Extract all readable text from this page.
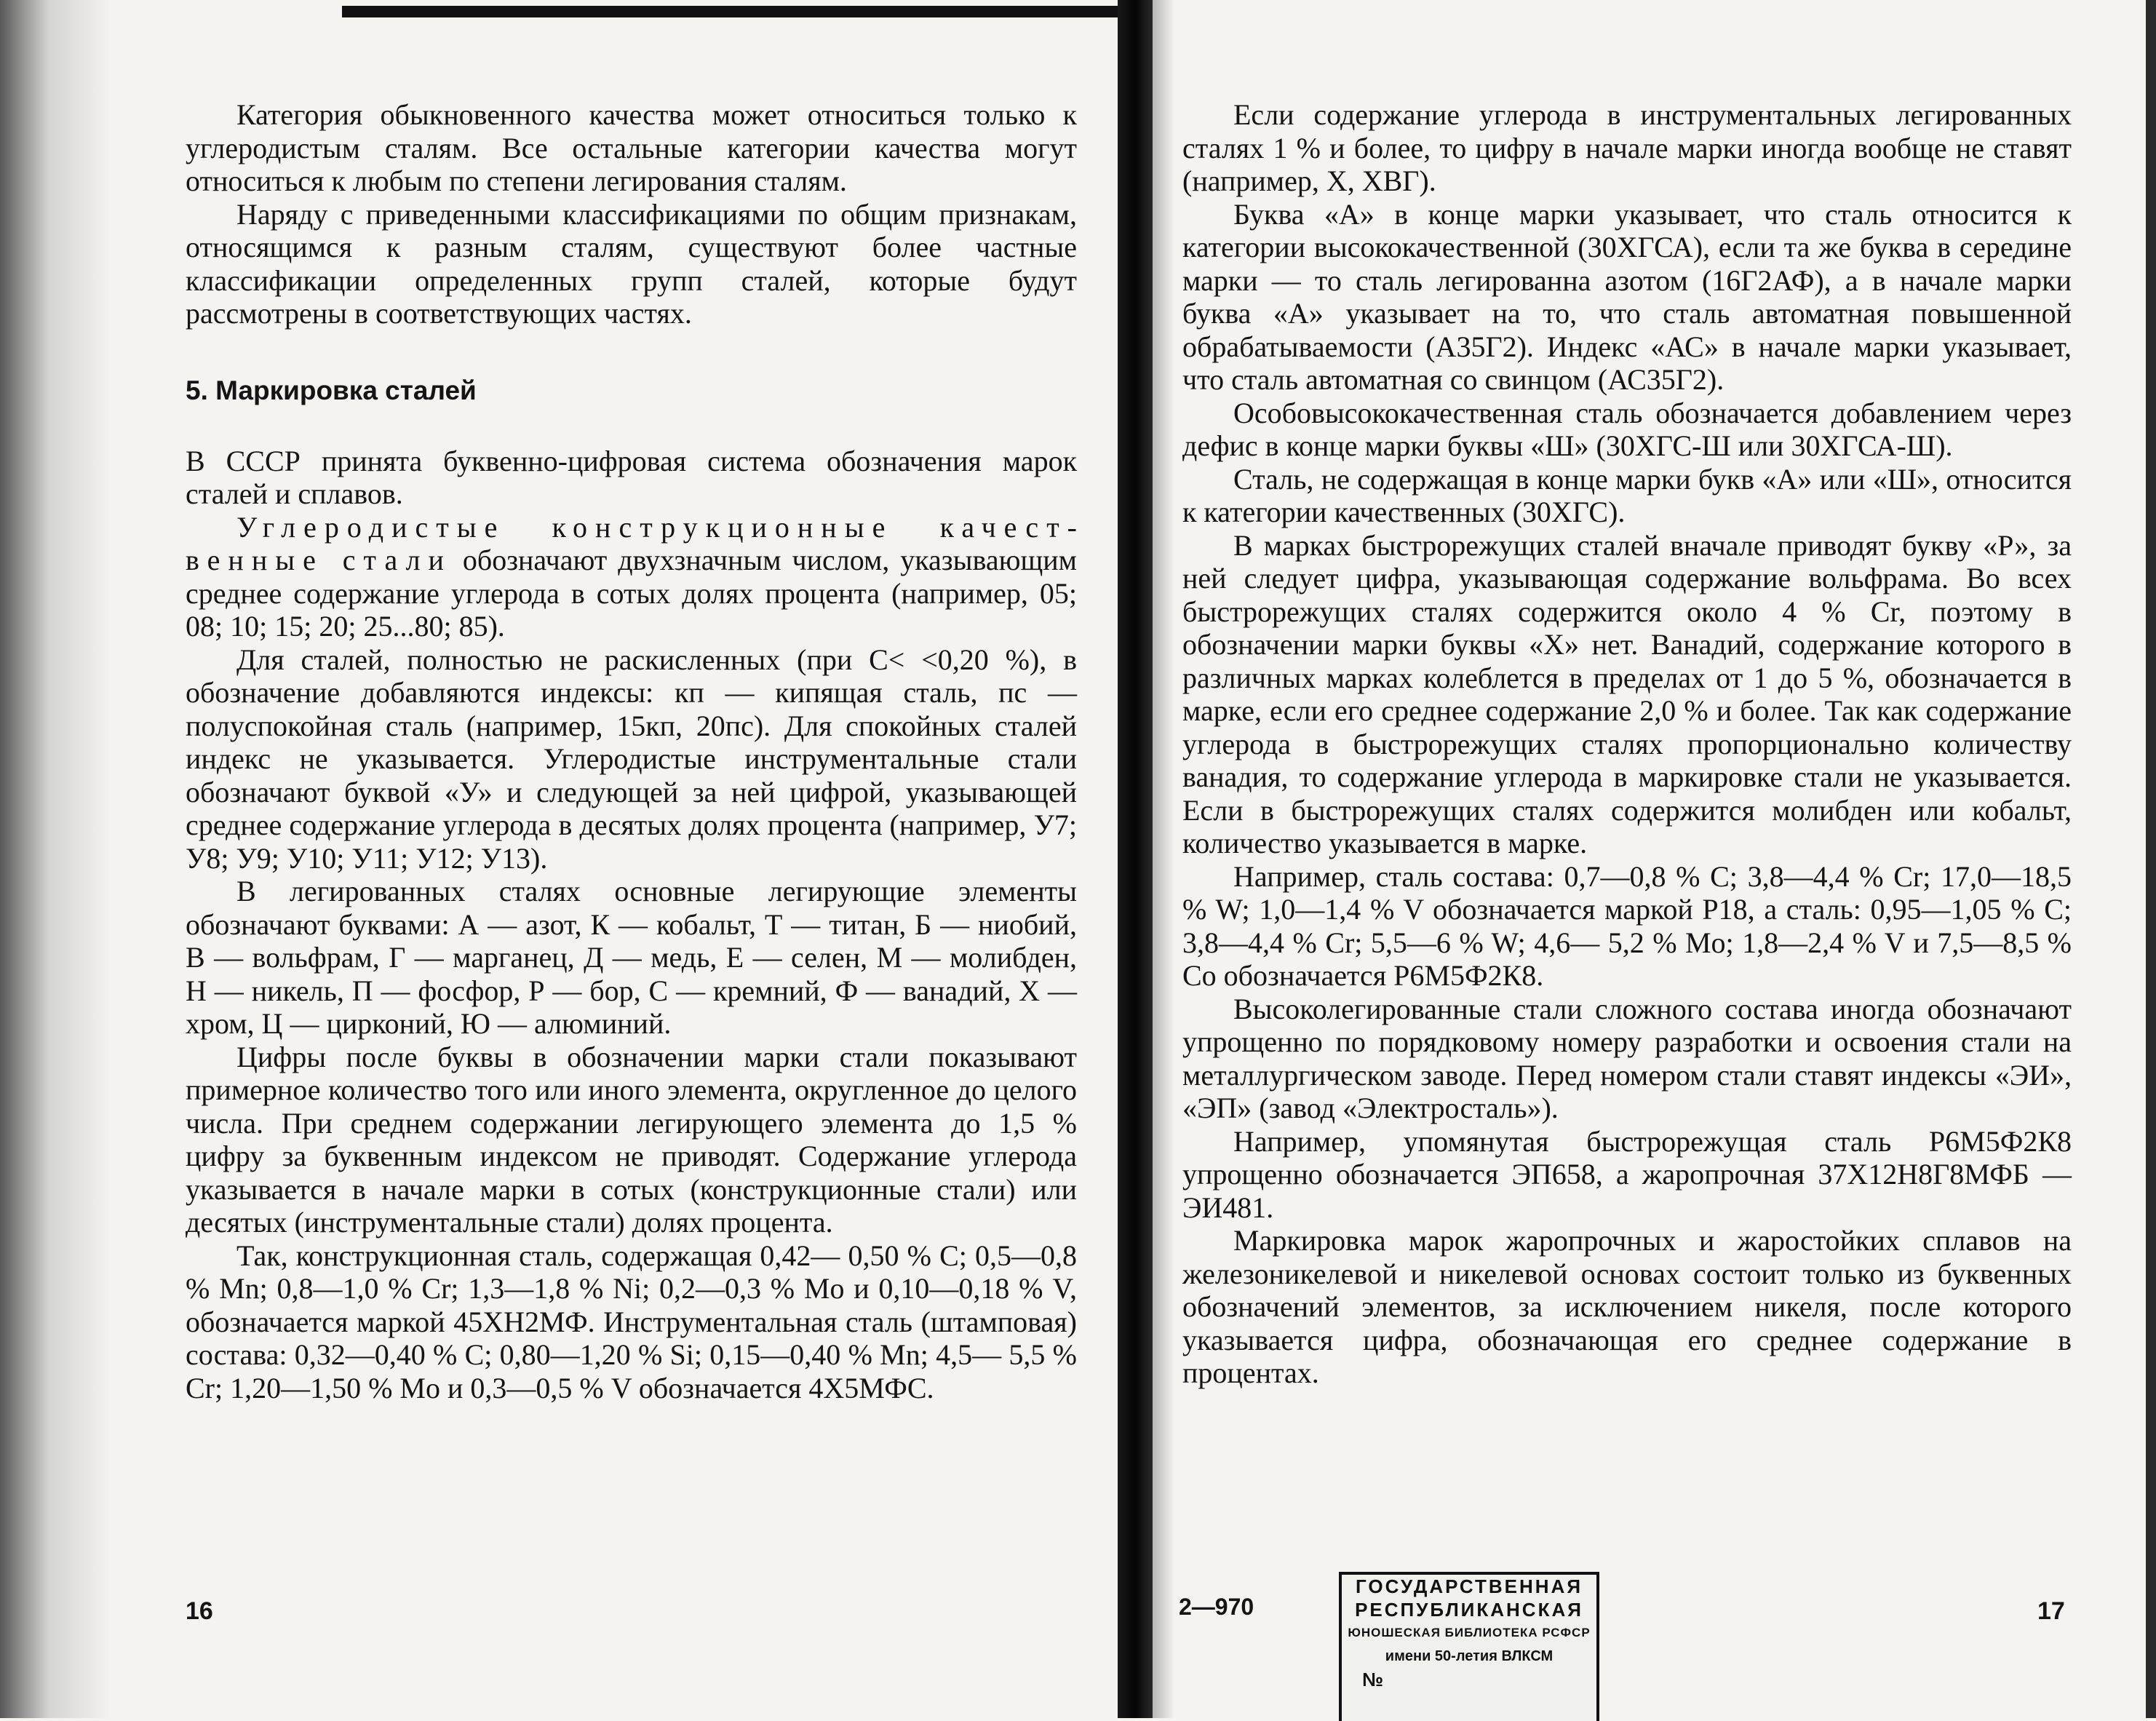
Категория обыкновенного качества может относиться только к углеродистым сталям. Все остальные категории качества могут относиться к любым по степени легирования сталям.

Наряду с приведенными классификациями по общим признакам, относящимся к разным сталям, существуют более частные классификации определенных групп сталей, которые будут рассмотрены в соответствующих частях.

5. Маркировка сталей

В СССР принята буквенно-цифровая система обозначения марок сталей и сплавов.

Углеродистые конструкционные качественные стали обозначают двухзначным числом, указывающим среднее содержание углерода в сотых долях процента (например, 05; 08; 10; 15; 20; 25...80; 85).

Для сталей, полностью не раскисленных (при C< <0,20 %), в обозначение добавляются индексы: кп — кипящая сталь, пс — полуспокойная сталь (например, 15кп, 20пс). Для спокойных сталей индекс не указывается. Углеродистые инструментальные стали обозначают буквой «У» и следующей за ней цифрой, указывающей среднее содержание углерода в десятых долях процента (например, У7; У8; У9; У10; У11; У12; У13).

В легированных сталях основные легирующие элементы обозначают буквами: А — азот, К — кобальт, Т — титан, Б — ниобий, В — вольфрам, Г — марганец, Д — медь, Е — селен, М — молибден, Н — никель, П — фосфор, Р — бор, С — кремний, Ф — ванадий, Х — хром, Ц — цирконий, Ю — алюминий.

Цифры после буквы в обозначении марки стали показывают примерное количество того или иного элемента, округленное до целого числа. При среднем содержании легирующего элемента до 1,5 % цифру за буквенным индексом не приводят. Содержание углерода указывается в начале марки в сотых (конструкционные стали) или десятых (инструментальные стали) долях процента.

Так, конструкционная сталь, содержащая 0,42— 0,50 % C; 0,5—0,8 % Mn; 0,8—1,0 % Cr; 1,3—1,8 % Ni; 0,2—0,3 % Mo и 0,10—0,18 % V, обозначается маркой 45ХН2МФ. Инструментальная сталь (штамповая) состава: 0,32—0,40 % C; 0,80—1,20 % Si; 0,15—0,40 % Mn; 4,5— 5,5 % Cr; 1,20—1,50 % Mo и 0,3—0,5 % V обозначается 4Х5МФС.

16

Если содержание углерода в инструментальных легированных сталях 1 % и более, то цифру в начале марки иногда вообще не ставят (например, Х, ХВГ).

Буква «А» в конце марки указывает, что сталь относится к категории высококачественной (30ХГСА), если та же буква в середине марки — то сталь легированна азотом (16Г2АФ), а в начале марки буква «А» указывает на то, что сталь автоматная повышенной обрабатываемости (А35Г2). Индекс «АС» в начале марки указывает, что сталь автоматная со свинцом (АС35Г2).

Особовысококачественная сталь обозначается добавлением через дефис в конце марки буквы «Ш» (30ХГС-Ш или 30ХГСА-Ш).

Сталь, не содержащая в конце марки букв «А» или «Ш», относится к категории качественных (30ХГС).

В марках быстрорежущих сталей вначале приводят букву «Р», за ней следует цифра, указывающая содержание вольфрама. Во всех быстрорежущих сталях содержится около 4 % Cr, поэтому в обозначении марки буквы «Х» нет. Ванадий, содержание которого в различных марках колеблется в пределах от 1 до 5 %, обозначается в марке, если его среднее содержание 2,0 % и более. Так как содержание углерода в быстрорежущих сталях пропорционально количеству ванадия, то содержание углерода в маркировке стали не указывается. Если в быстрорежущих сталях содержится молибден или кобальт, количество указывается в марке.

Например, сталь состава: 0,7—0,8 % C; 3,8—4,4 % Cr; 17,0—18,5 % W; 1,0—1,4 % V обозначается маркой Р18, а сталь: 0,95—1,05 % C; 3,8—4,4 % Cr; 5,5—6 % W; 4,6— 5,2 % Mo; 1,8—2,4 % V и 7,5—8,5 % Co обозначается Р6М5Ф2К8.

Высоколегированные стали сложного состава иногда обозначают упрощенно по порядковому номеру разработки и освоения стали на металлургическом заводе. Перед номером стали ставят индексы «ЭИ», «ЭП» (завод «Электросталь»).

Например, упомянутая быстрорежущая сталь Р6М5Ф2К8 упрощенно обозначается ЭП658, а жаропрочная 37Х12Н8Г8МФБ — ЭИ481.

Маркировка марок жаропрочных и жаростойких сплавов на железоникелевой и никелевой основах состоит только из буквенных обозначений элементов, за исключением никеля, после которого указывается цифра, обозначающая его среднее содержание в процентах.

2—970	17
ГОСУДАРСТВЕННАЯ
РЕСПУБЛИКАНСКАЯ
ЮНОШЕСКАЯ БИБЛИОТЕКА РСФСР
имени 50-летия ВЛКСМ
№
